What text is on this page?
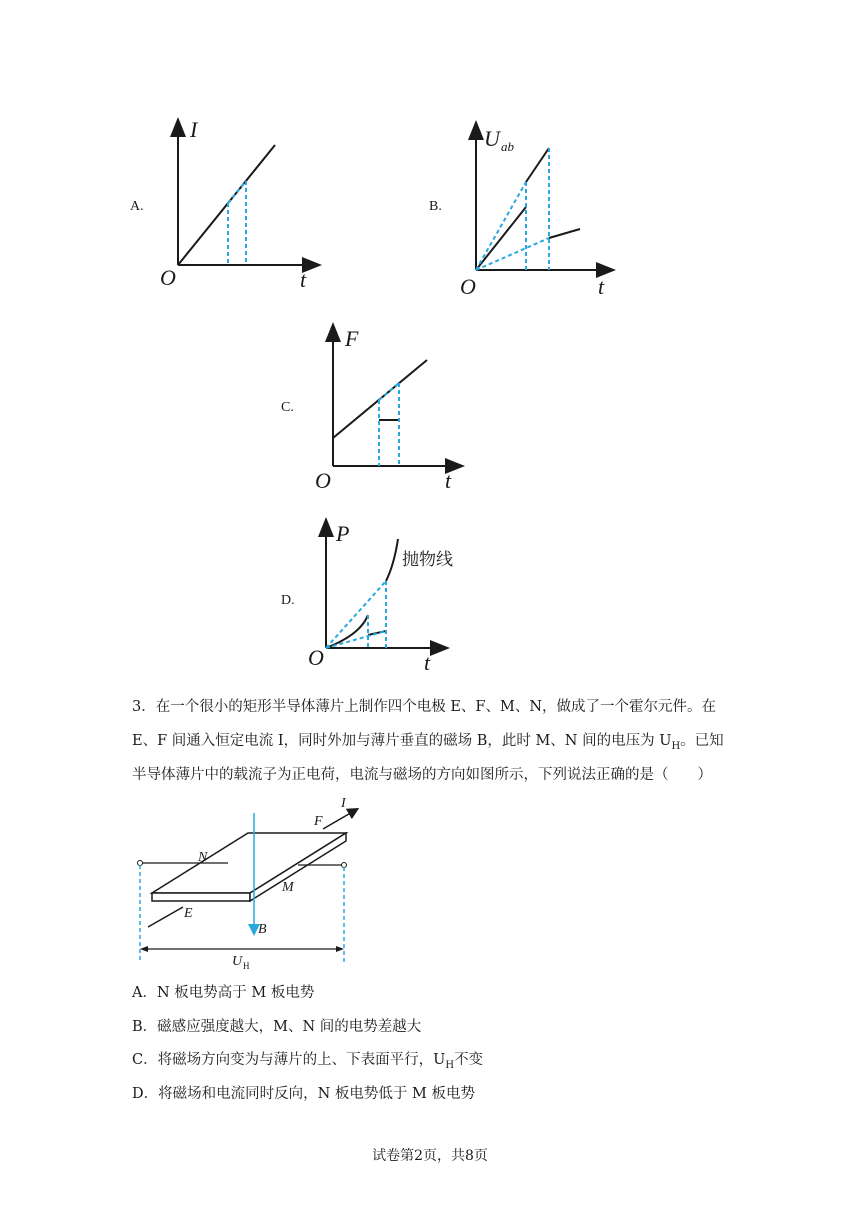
A.
I
t
O
B.
U ab
t
O
C.
F
t
O
D.
P
抛物线
t
O
3．在一个很小的矩形半导体薄片上制作四个电极 E、F、M、N，做成了一个霍尔元件。在
E、F 间通入恒定电流 I，同时外加与薄片垂直的磁场 B，此时 M、N 间的电压为 $U_H$。已知
半导体薄片中的载流子为正电荷，电流与磁场的方向如图所示，下列说法正确的是（　　）
F
I
N
M
E
B
U H
A．N 板电势高于 M 板电势
B．磁感应强度越大，M、N 间的电势差越大
C．将磁场方向变为与薄片的上、下表面平行，$U_H$不变
D．将磁场和电流同时反向，N 板电势低于 M 板电势
试卷第2页，共8页
